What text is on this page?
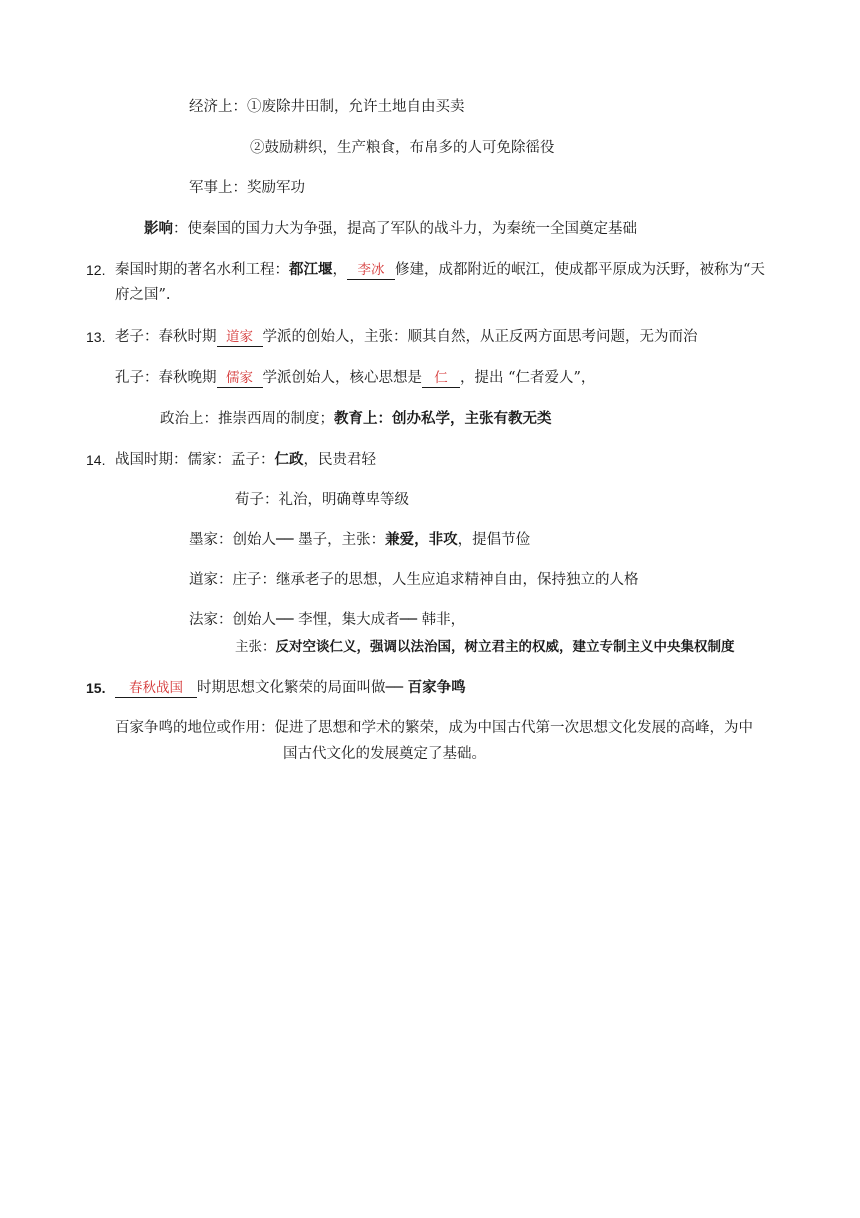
经济上：①废除井田制，允许土地自由买卖
②鼓励耕织，生产粮食，布帛多的人可免除徭役
军事上：奖励军功
影响：使秦国的国力大为争强，提高了军队的战斗力，为秦统一全国奠定基础
12. 秦国时期的著名水利工程：都江堰， 李冰 修建，成都附近的岷江，使成都平原成为沃野，被称为“天
府之国”.
13. 老子：春秋时期 道家 学派的创始人，主张：顺其自然，从正反两方面思考问题，无为而治
孔子：春秋晚期 儒家 学派创始人，核心思想是 仁 ，提出 “仁者爱人”，
政治上：推崇西周的制度；教育上：创办私学，主张有教无类
14. 战国时期：儒家：孟子：仁政，民贵君轻
荀子：礼治，明确尊卑等级
墨家：创始人── 墨子，主张：兼爱，非攻，提倡节俭
道家：庄子：继承老子的思想，人生应追求精神自由，保持独立的人格
法家：创始人── 李悝，集大成者── 韩非，
主张：反对空谈仁义，强调以法治国，树立君主的权威，建立专制主义中央集权制度
15.	春秋战国 时期思想文化繁荣的局面叫做── 百家争鸣
百家争鸣的地位或作用：促进了思想和学术的繁荣，成为中国古代第一次思想文化发展的高峰，为中
国古代文化的发展奠定了基础。
